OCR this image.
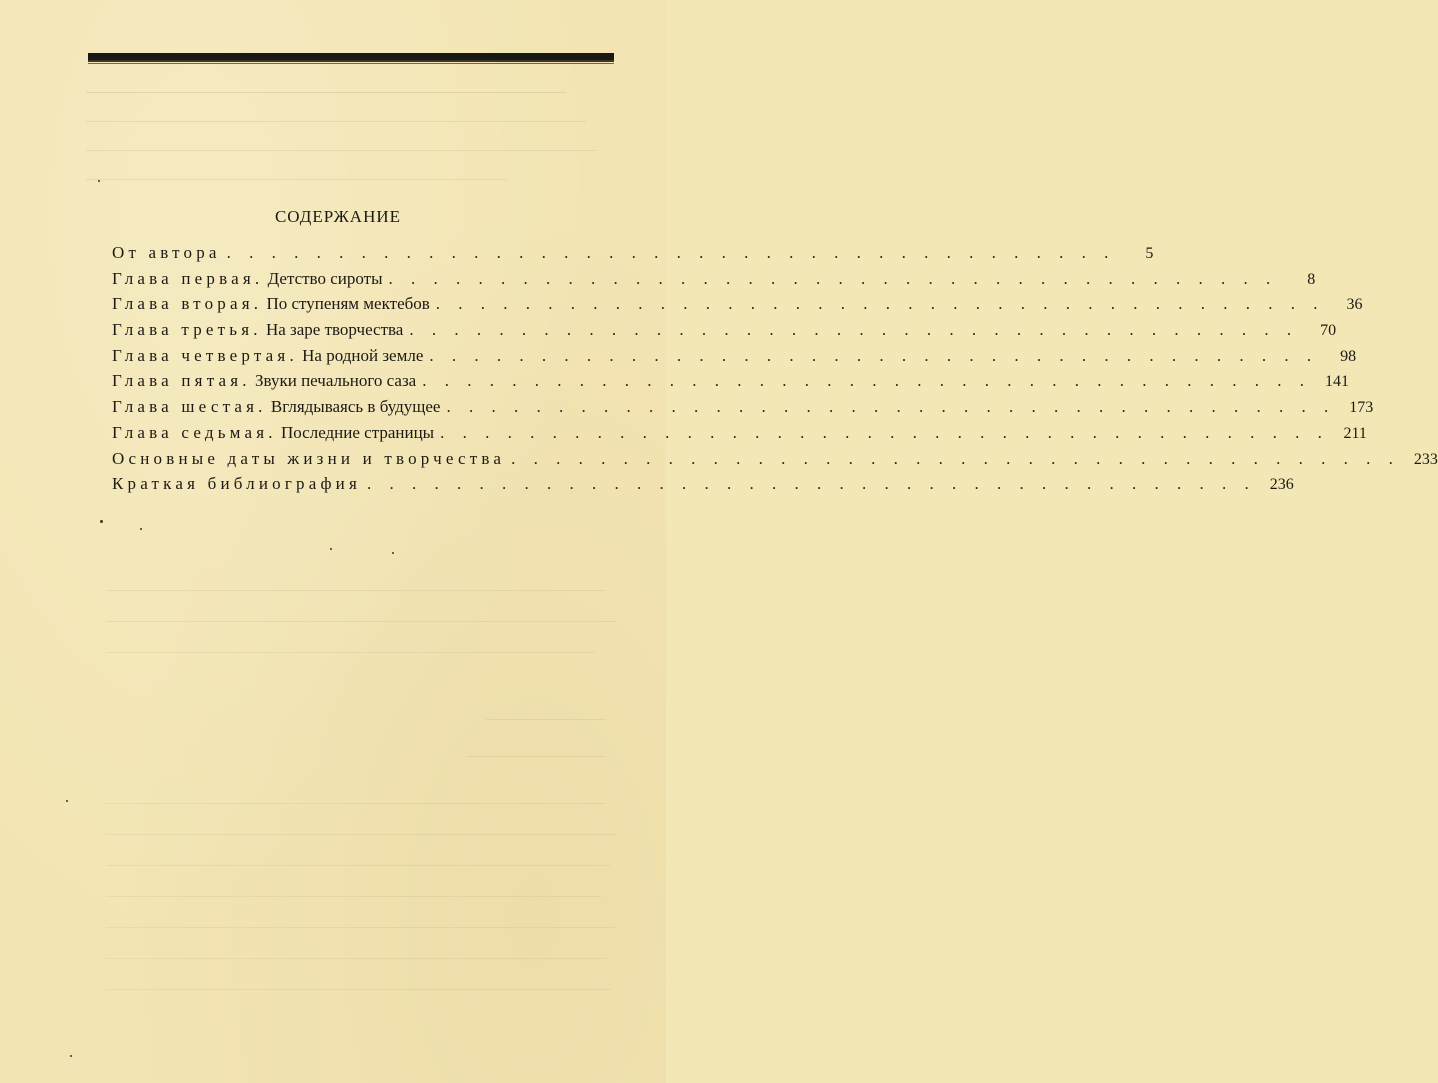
СОДЕРЖАНИЕ
От автора . . . . . . . . . . . . . . . . . . . . . . . . . . . . . . . . . . . . . . . .	5
Глава первая. Детство сироты . . . . . . . . . . . . . . . . . . . . . . . . . . . . . . . . . . . . . . . .	8
Глава вторая. По ступеням мектебов . . . . . . . . . . . . . . . . . . . . . . . . . . . . . . . . . . . . . . . .	36
Глава третья. На заре творчества . . . . . . . . . . . . . . . . . . . . . . . . . . . . . . . . . . . . . . . .	70
Глава четвертая. На родной земле . . . . . . . . . . . . . . . . . . . . . . . . . . . . . . . . . . . . . . . .	98
Глава пятая. Звуки печального саза . . . . . . . . . . . . . . . . . . . . . . . . . . . . . . . . . . . . . . . . 141
Глава шестая. Вглядываясь в будущее . . . . . . . . . . . . . . . . . . . . . . . . . . . . . . . . . . . . . . . . 173
Глава седьмая. Последние страницы . . . . . . . . . . . . . . . . . . . . . . . . . . . . . . . . . . . . . . . . 211
Основные даты жизни и творчества . . . . . . . . . . . . . . . . . . . . . . . . . . . . . . . . . . . . . . . . 233
Краткая библиография . . . . . . . . . . . . . . . . . . . . . . . . . . . . . . . . . . . . . . . . 236
